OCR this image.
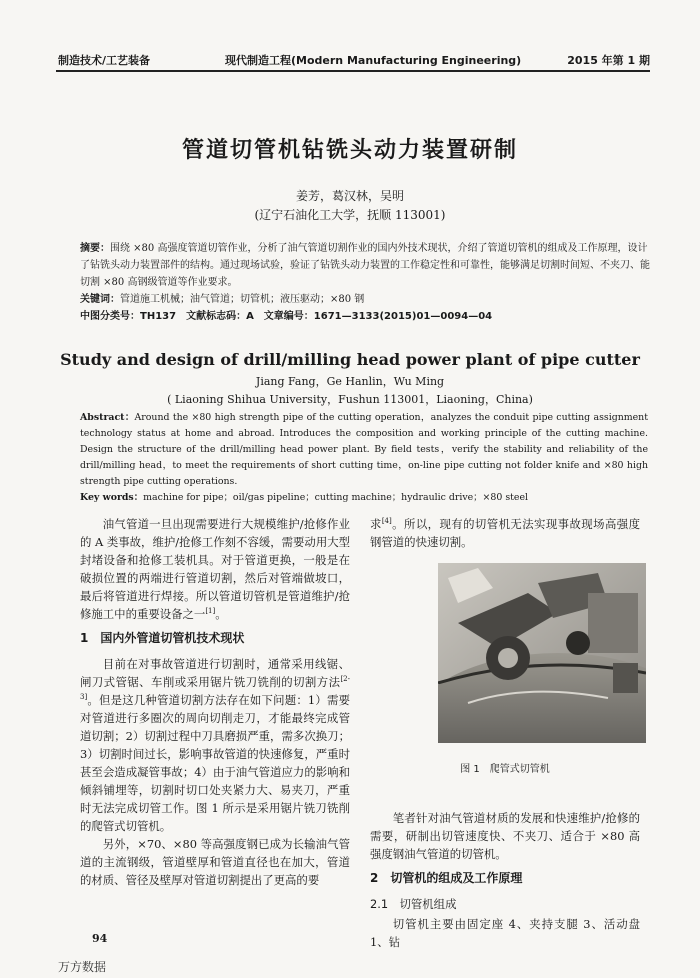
制造技术/工艺装备	现代制造工程(Modern Manufacturing Engineering)	2015 年第 1 期
管道切管机钻铣头动力装置研制
姜芳，葛汉林，吴明
(辽宁石油化工大学，抚顺 113001)

摘要：围绕 ×80 高强度管道切管作业，分析了油气管道切割作业的国内外技术现状，介绍了管道切管机的组成及工作原理，设计了钻铣头动力装置部件的结构。通过现场试验，验证了钻铣头动力装置的工作稳定性和可靠性，能够满足切割时间短、不夹刀、能切割 ×80 高钢级管道等作业要求。

关键词：管道施工机械；油气管道；切管机；液压驱动；×80 钢

中图分类号：TH137　文献标志码：A　文章编号：1671—3133(2015)01—0094—04

Study and design of drill/milling head power plant of pipe cutter
Jiang Fang，Ge Hanlin，Wu Ming
( Liaoning Shihua University，Fushun 113001，Liaoning，China)

Abstract：Around the ×80 high strength pipe of the cutting operation，analyzes the conduit pipe cutting assignment technology status at home and abroad. Introduces the composition and working principle of the cutting machine. Design the structure of the drill/milling head power plant. By field tests，verify the stability and reliability of the drill/milling head，to meet the requirements of short cutting time，on-line pipe cutting not folder knife and ×80 high strength pipe cutting operations.

Key words：machine for pipe；oil/gas pipeline；cutting machine；hydraulic drive；×80 steel

油气管道一旦出现需要进行大规模维护/抢修作业的 A 类事故，维护/抢修工作刻不容缓，需要动用大型封堵设备和抢修工装机具。对于管道更换，一般是在破损位置的两端进行管道切割，然后对管端做坡口，最后将管道进行焊接。所以管道切管机是管道维护/抢修施工中的重要设备之一[1]。

1　国内外管道切管机技术现状

目前在对事故管道进行切割时，通常采用线锯、闸刀式管锯、车削或采用锯片铣刀铣削的切割方法[2-3]。但是这几种管道切割方法存在如下问题：1）需要对管道进行多圈次的周向切削走刀，才能最终完成管道切割；2）切割过程中刀具磨损严重，需多次换刀；3）切割时间过长，影响事故管道的快速修复，严重时甚至会造成凝管事故；4）由于油气管道应力的影响和倾斜铺埋等，切割时切口处夹紧力大、易夹刀，严重时无法完成切管工作。图 1 所示是采用锯片铣刀铣削的爬管式切管机。

另外，×70、×80 等高强度钢已成为长输油气管道的主流钢级，管道壁厚和管道直径也在加大，管道的材质、管径及壁厚对管道切割提出了更高的要

求[4]。所以，现有的切管机无法实现事故现场高强度钢管道的快速切割。

笔者针对油气管道材质的发展和快速维护/抢修的需要，研制出切管速度快、不夹刀、适合于 ×80 高强度钢油气管道的切管机。

2　切管机的组成及工作原理

2.1　切管机组成

切管机主要由固定座 4、夹持支腿 3、活动盘 1、钻

图 1　爬管式切管机
94
万方数据
